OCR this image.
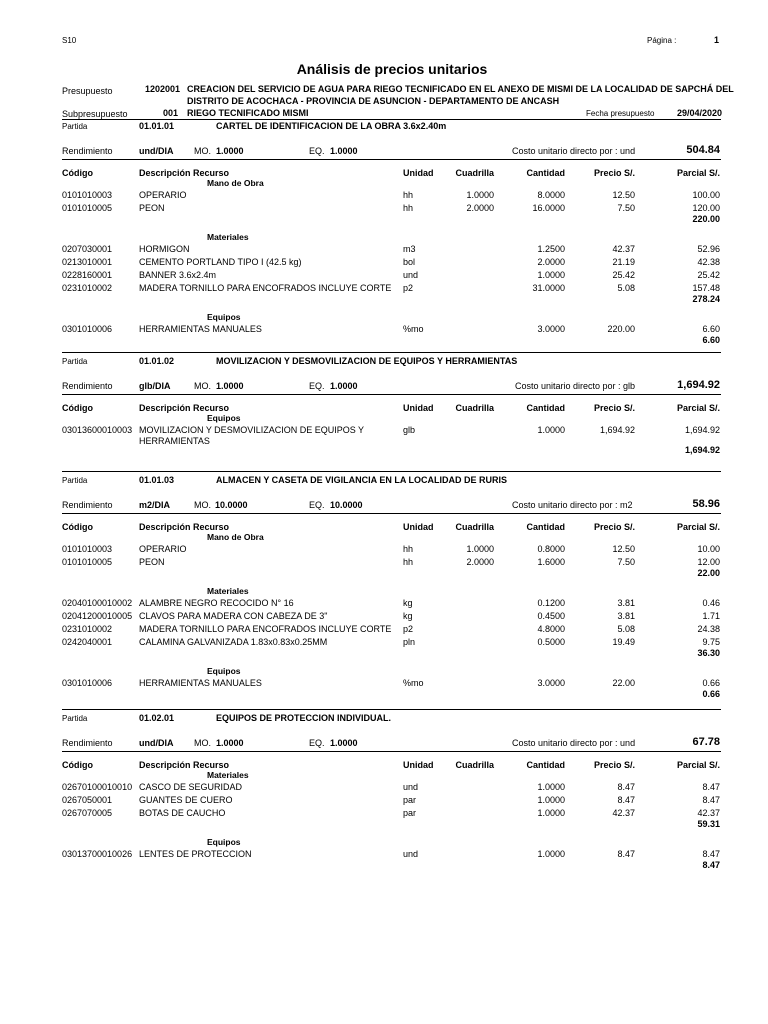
S10	Página :	1
Análisis de precios unitarios
Presupuesto	1202001 CREACION DEL SERVICIO DE AGUA PARA RIEGO TECNIFICADO EN EL ANEXO DE MISMI DE LA LOCALIDAD DE SAPCHÁ DEL
DISTRITO DE ACOCHACA - PROVINCIA DE ASUNCION - DEPARTAMENTO DE ANCASH
Subpresupuesto	001 RIEGO TECNIFICADO MISMI	Fecha presupuesto	29/04/2020
Partida	01.01.01	CARTEL DE IDENTIFICACION DE LA OBRA 3.6x2.40m
Rendimiento	und/DIA MO. 1.0000	EQ. 1.0000	Costo unitario directo por : und	504.84
Código	Descripción Recurso	Unidad	Cuadrilla	Cantidad	Precio S/.	Parcial S/.
Mano de Obra
0101010003	OPERARIO	hh	1.0000	8.0000	12.50	100.00
0101010005	PEON	hh	2.0000	16.0000	7.50	120.00
220.00
Materiales
0207030001	HORMIGON	m3	1.2500	42.37	52.96
0213010001	CEMENTO PORTLAND TIPO I (42.5 kg)	bol	2.0000	21.19	42.38
0228160001	BANNER 3.6x2.4m	und	1.0000	25.42	25.42
0231010002	MADERA TORNILLO PARA ENCOFRADOS INCLUYE CORTE p2	31.0000	5.08	157.48
278.24
Equipos
0301010006	HERRAMIENTAS MANUALES	%mo	3.0000	220.00	6.60
6.60
Partida	01.01.02	MOVILIZACION Y DESMOVILIZACION DE EQUIPOS Y HERRAMIENTAS
Rendimiento	glb/DIA	MO. 1.0000	EQ. 1.0000	Costo unitario directo por : glb	1,694.92
Código	Descripción Recurso	Unidad	Cuadrilla	Cantidad	Precio S/.	Parcial S/.
Equipos
03013600010003 MOVILIZACION Y DESMOVILIZACION DE EQUIPOS Y
HERRAMIENTAS
glb	1.0000	1,694.92	1,694.92
1,694.92
Partida	01.01.03	ALMACEN Y CASETA DE VIGILANCIA EN LA LOCALIDAD DE RURIS
Rendimiento	m2/DIA	MO. 10.0000	EQ. 10.0000	Costo unitario directo por : m2	58.96
Código	Descripción Recurso	Unidad	Cuadrilla	Cantidad	Precio S/.	Parcial S/.
Mano de Obra
0101010003	OPERARIO	hh	1.0000	0.8000	12.50	10.00
0101010005	PEON	hh	2.0000	1.6000	7.50	12.00
22.00
Materiales
02040100010002 ALAMBRE NEGRO RECOCIDO N° 16	kg	0.1200	3.81	0.46
02041200010005 CLAVOS PARA MADERA CON CABEZA DE 3"	kg	0.4500	3.81	1.71
0231010002	MADERA TORNILLO PARA ENCOFRADOS INCLUYE CORTE p2	4.8000	5.08	24.38
0242040001	CALAMINA GALVANIZADA 1.83x0.83x0.25MM	pln	0.5000	19.49	9.75
36.30
Equipos
0301010006	HERRAMIENTAS MANUALES	%mo	3.0000	22.00	0.66
0.66
Partida	01.02.01	EQUIPOS DE PROTECCION INDIVIDUAL.
Rendimiento	und/DIA MO. 1.0000	EQ. 1.0000	Costo unitario directo por : und	67.78
Código	Descripción Recurso	Unidad	Cuadrilla	Cantidad	Precio S/.	Parcial S/.
Materiales
02670100010010 CASCO DE SEGURIDAD	und	1.0000	8.47	8.47
0267050001	GUANTES DE CUERO	par	1.0000	8.47	8.47
0267070005	BOTAS DE CAUCHO	par	1.0000	42.37	42.37
59.31
Equipos
03013700010026 LENTES DE PROTECCION	und	1.0000	8.47	8.47
8.47
